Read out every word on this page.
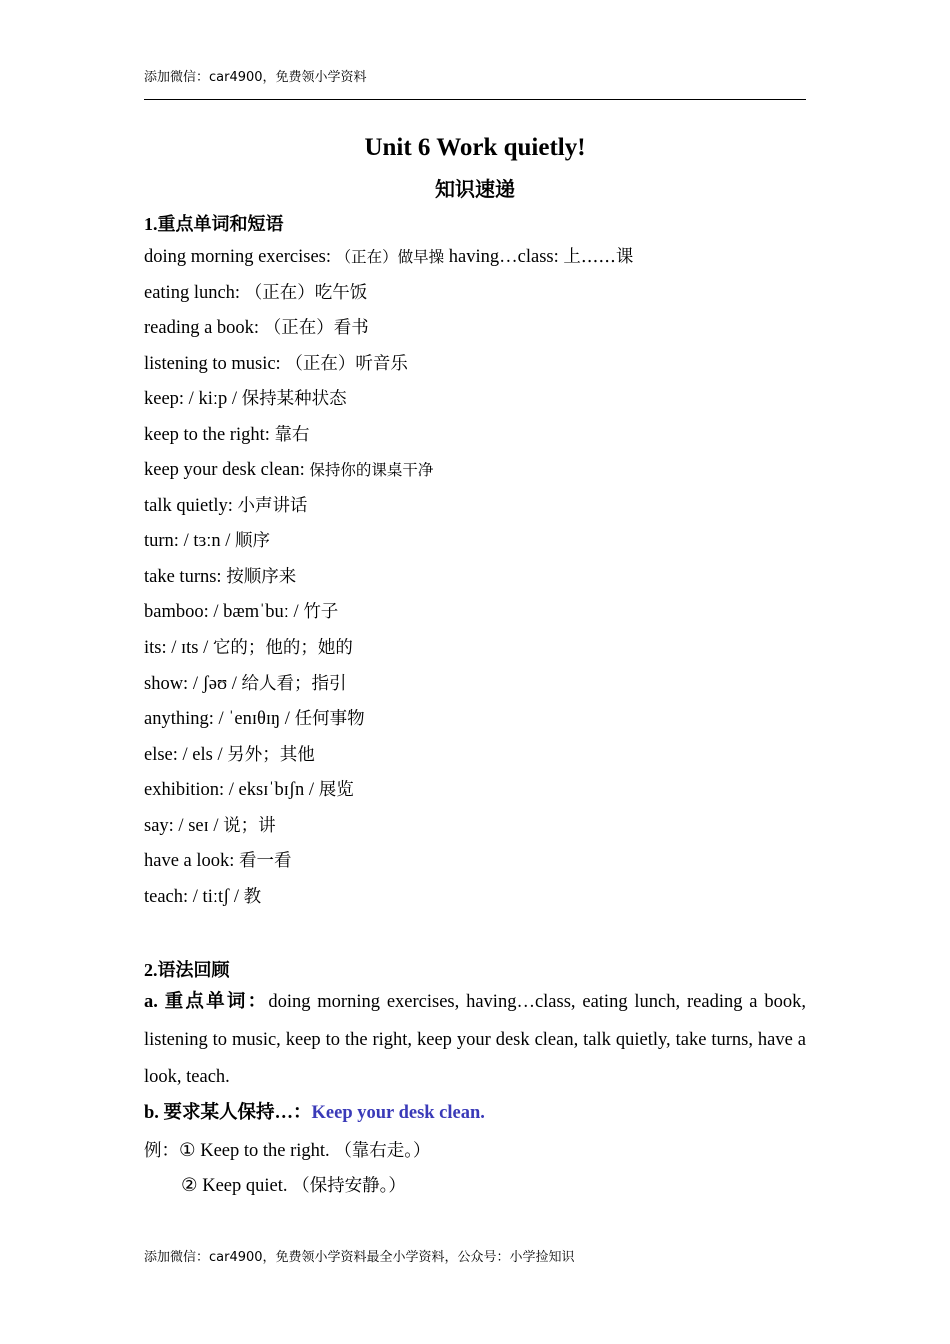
添加微信：car4900，免费领小学资料
Unit 6 Work quietly!
知识速递
1.重点单词和短语
doing morning exercises: （正在）做早操 having…class: 上……课
eating lunch: （正在）吃午饭
reading a book: （正在）看书
listening to music: （正在）听音乐
keep: / kiːp / 保持某种状态
keep to the right: 靠右
keep your desk clean: 保持你的课桌干净
talk quietly: 小声讲话
turn: / tɜːn / 顺序
take turns: 按顺序来
bamboo: / bæmˈbuː / 竹子
its: / ɪts / 它的；他的；她的
show: / ʃəʊ / 给人看；指引
anything: / ˈenɪθɪŋ / 任何事物
else: / els / 另外；其他
exhibition: / eksɪˈbɪʃn / 展览
say: / seɪ / 说；讲
have a look: 看一看
teach: / tiːtʃ / 教
2.语法回顾
a. 重点单词：doing morning exercises, having…class, eating lunch, reading a book, listening to music, keep to the right, keep your desk clean, talk quietly, take turns, have a look, teach.
b. 要求某人保持…：Keep your desk clean.
例：① Keep to the right. （靠右走。）
② Keep quiet. （保持安静。）
添加微信：car4900，免费领小学资料最全小学资料，公众号：小学捡知识
